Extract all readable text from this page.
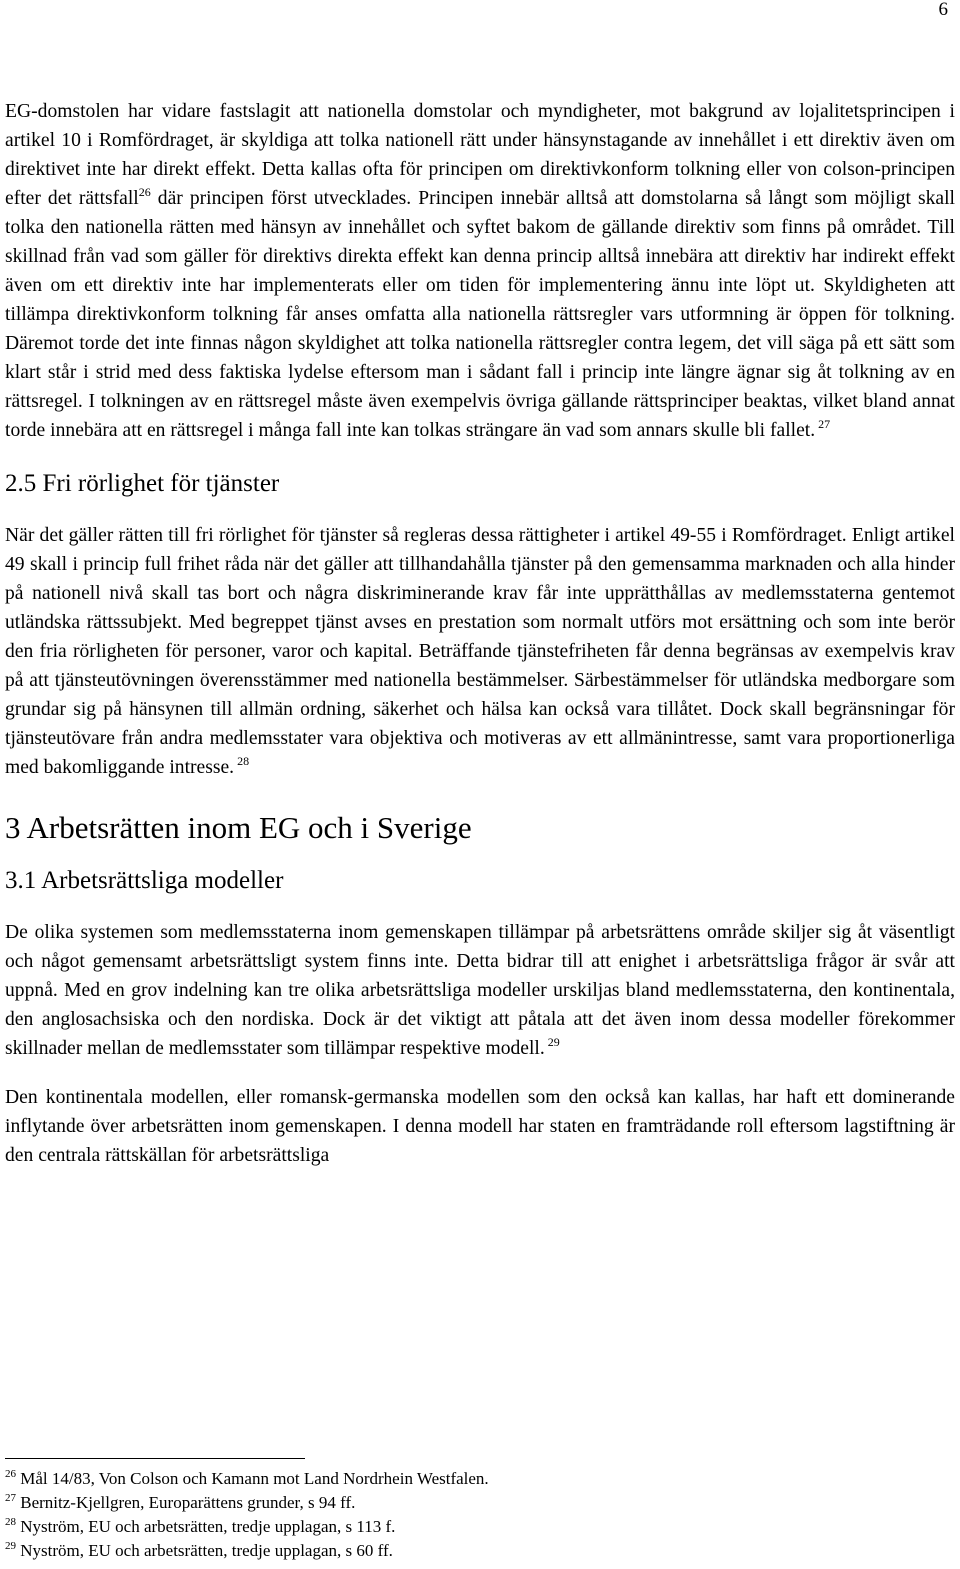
6

EG-domstolen har vidare fastslagit att nationella domstolar och myndigheter, mot bakgrund av lojalitetsprincipen i artikel 10 i Romfördraget, är skyldiga att tolka nationell rätt under hänsynstagande av innehållet i ett direktiv även om direktivet inte har direkt effekt. Detta kallas ofta för principen om direktivkonform tolkning eller von colson-principen efter det rättsfall$^{26}$ där principen först utvecklades. Principen innebär alltså att domstolarna så långt som möjligt skall tolka den nationella rätten med hänsyn av innehållet och syftet bakom de gällande direktiv som finns på området. Till skillnad från vad som gäller för direktivs direkta effekt kan denna princip alltså innebära att direktiv har indirekt effekt även om ett direktiv inte har implementerats eller om tiden för implementering ännu inte löpt ut. Skyldigheten att tillämpa direktivkonform tolkning får anses omfatta alla nationella rättsregler vars utformning är öppen för tolkning. Däremot torde det inte finnas någon skyldighet att tolka nationella rättsregler contra legem, det vill säga på ett sätt som klart står i strid med dess faktiska lydelse eftersom man i sådant fall i princip inte längre ägnar sig åt tolkning av en rättsregel. I tolkningen av en rättsregel måste även exempelvis övriga gällande rättsprinciper beaktas, vilket bland annat torde innebära att en rättsregel i många fall inte kan tolkas strängare än vad som annars skulle bli fallet. $^{27}$

2.5 Fri rörlighet för tjänster

När det gäller rätten till fri rörlighet för tjänster så regleras dessa rättigheter i artikel 49-55 i Romfördraget. Enligt artikel 49 skall i princip full frihet råda när det gäller att tillhandahålla tjänster på den gemensamma marknaden och alla hinder på nationell nivå skall tas bort och några diskriminerande krav får inte upprätthållas av medlemsstaterna gentemot utländska rättssubjekt. Med begreppet tjänst avses en prestation som normalt utförs mot ersättning och som inte berör den fria rörligheten för personer, varor och kapital. Beträffande tjänstefriheten får denna begränsas av exempelvis krav på att tjänsteutövningen överensstämmer med nationella bestämmelser. Särbestämmelser för utländska medborgare som grundar sig på hänsynen till allmän ordning, säkerhet och hälsa kan också vara tillåtet. Dock skall begränsningar för tjänsteutövare från andra medlemsstater vara objektiva och motiveras av ett allmänintresse, samt vara proportionerliga med bakomliggande intresse. $^{28}$

3 Arbetsrätten inom EG och i Sverige
3.1 Arbetsrättsliga modeller

De olika systemen som medlemsstaterna inom gemenskapen tillämpar på arbetsrättens område skiljer sig åt väsentligt och något gemensamt arbetsrättsligt system finns inte. Detta bidrar till att enighet i arbetsrättsliga frågor är svår att uppnå. Med en grov indelning kan tre olika arbetsrättsliga modeller urskiljas bland medlemsstaterna, den kontinentala, den anglosachsiska och den nordiska. Dock är det viktigt att påtala att det även inom dessa modeller förekommer skillnader mellan de medlemsstater som tillämpar respektive modell. $^{29}$

Den kontinentala modellen, eller romansk-germanska modellen som den också kan kallas, har haft ett dominerande inflytande över arbetsrätten inom gemenskapen. I denna modell har staten en framträdande roll eftersom lagstiftning är den centrala rättskällan för arbetsrättsliga

$^{26}$ Mål 14/83, Von Colson och Kamann mot Land Nordrhein Westfalen.

$^{27}$ Bernitz-Kjellgren, Europarättens grunder, s 94 ff.

$^{28}$ Nyström, EU och arbetsrätten, tredje upplagan, s 113 f.

$^{29}$ Nyström, EU och arbetsrätten, tredje upplagan, s 60 ff.
